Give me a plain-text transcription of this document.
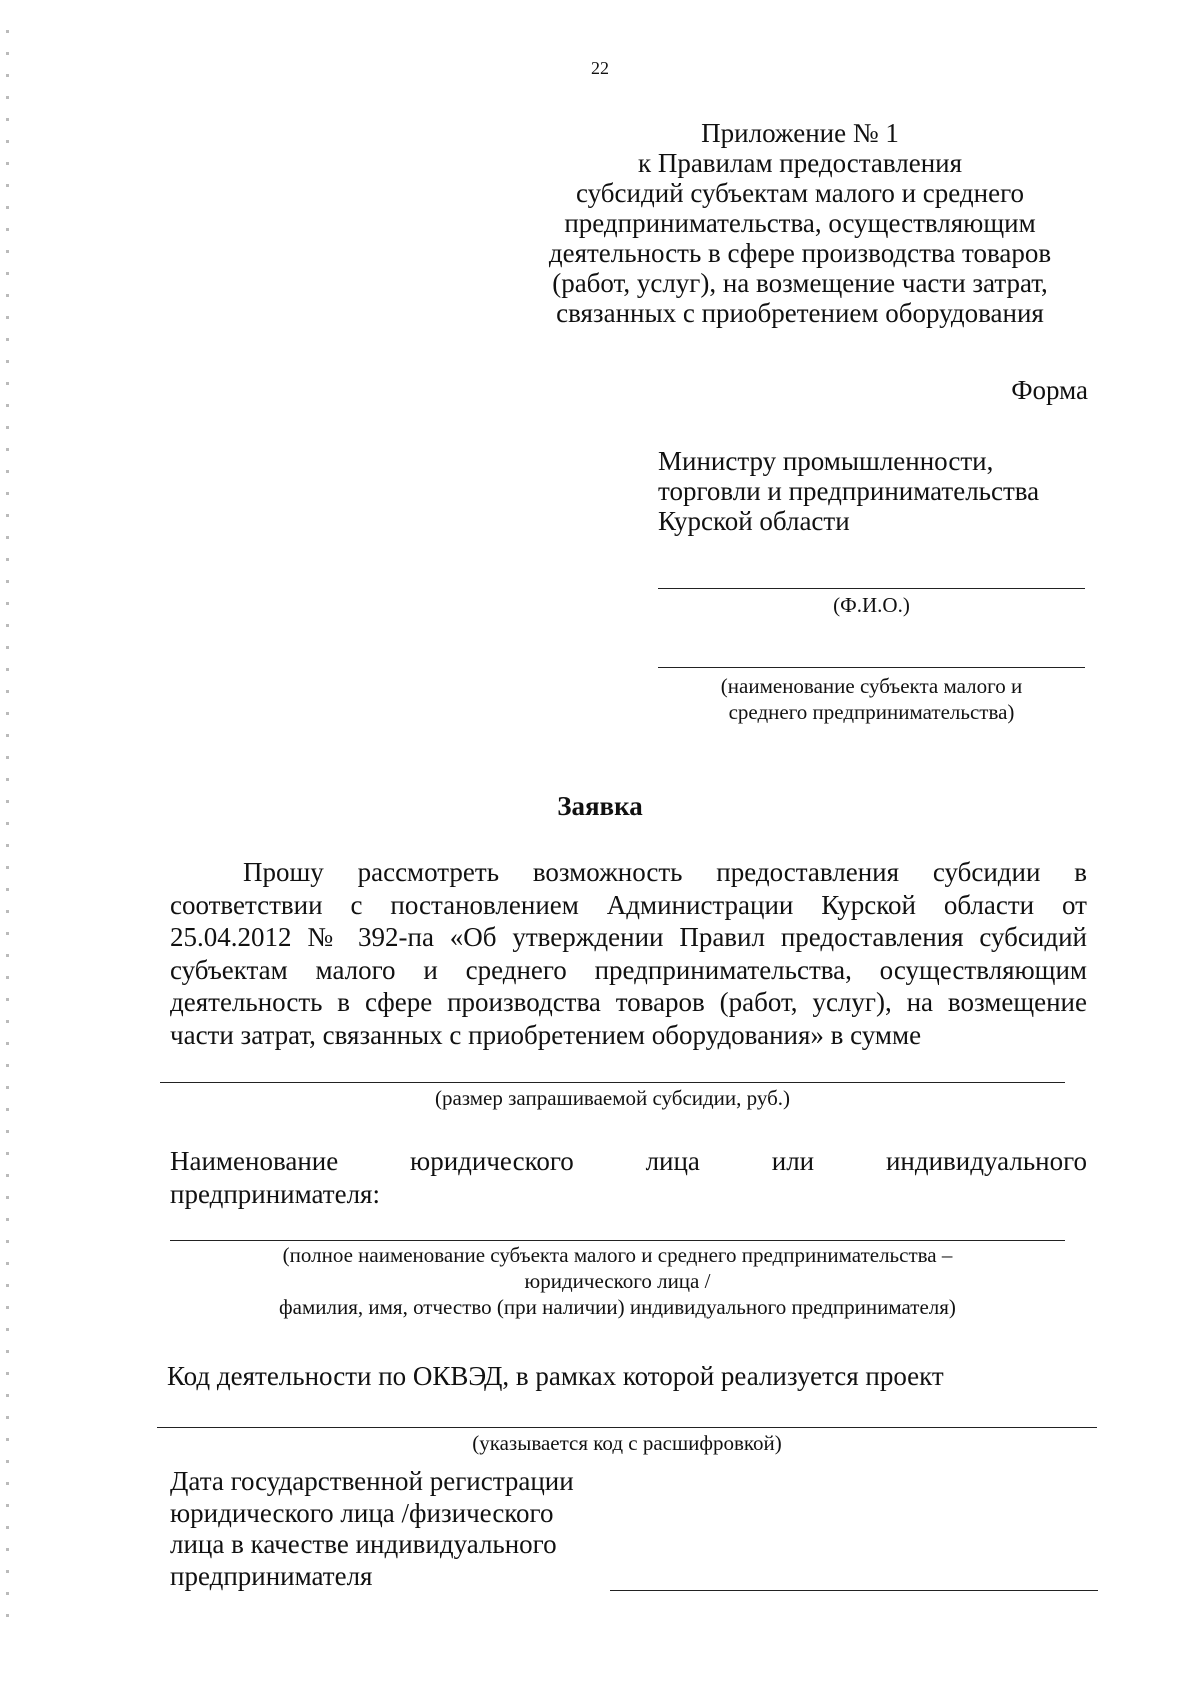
22
Приложение № 1
к Правилам предоставления
субсидий субъектам малого и среднего
предпринимательства, осуществляющим
деятельность в сфере производства товаров
(работ, услуг), на возмещение части затрат,
связанных с приобретением оборудования
Форма
Министру промышленности,
торговли и предпринимательства
Курской области
(Ф.И.О.)
(наименование субъекта малого и
среднего предпринимательства)
Заявка
Прошу рассмотреть возможность предоставления субсидии в
соответствии с постановлением Администрации Курской области от
25.04.2012 № 392-па «Об утверждении Правил предоставления субсидий
субъектам малого и среднего предпринимательства, осуществляющим
деятельность в сфере производства товаров (работ, услуг), на возмещение
части затрат, связанных с приобретением оборудования» в сумме
(размер запрашиваемой субсидии, руб.)
Наименование юридического лица или индивидуального
предпринимателя:
(полное наименование субъекта малого и среднего предпринимательства –
юридического лица /
фамилия, имя, отчество (при наличии) индивидуального предпринимателя)
Код деятельности по ОКВЭД, в рамках которой реализуется проект
(указывается код с расшифровкой)
Дата государственной регистрации
юридического лица /физического
лица в качестве индивидуального
предпринимателя
